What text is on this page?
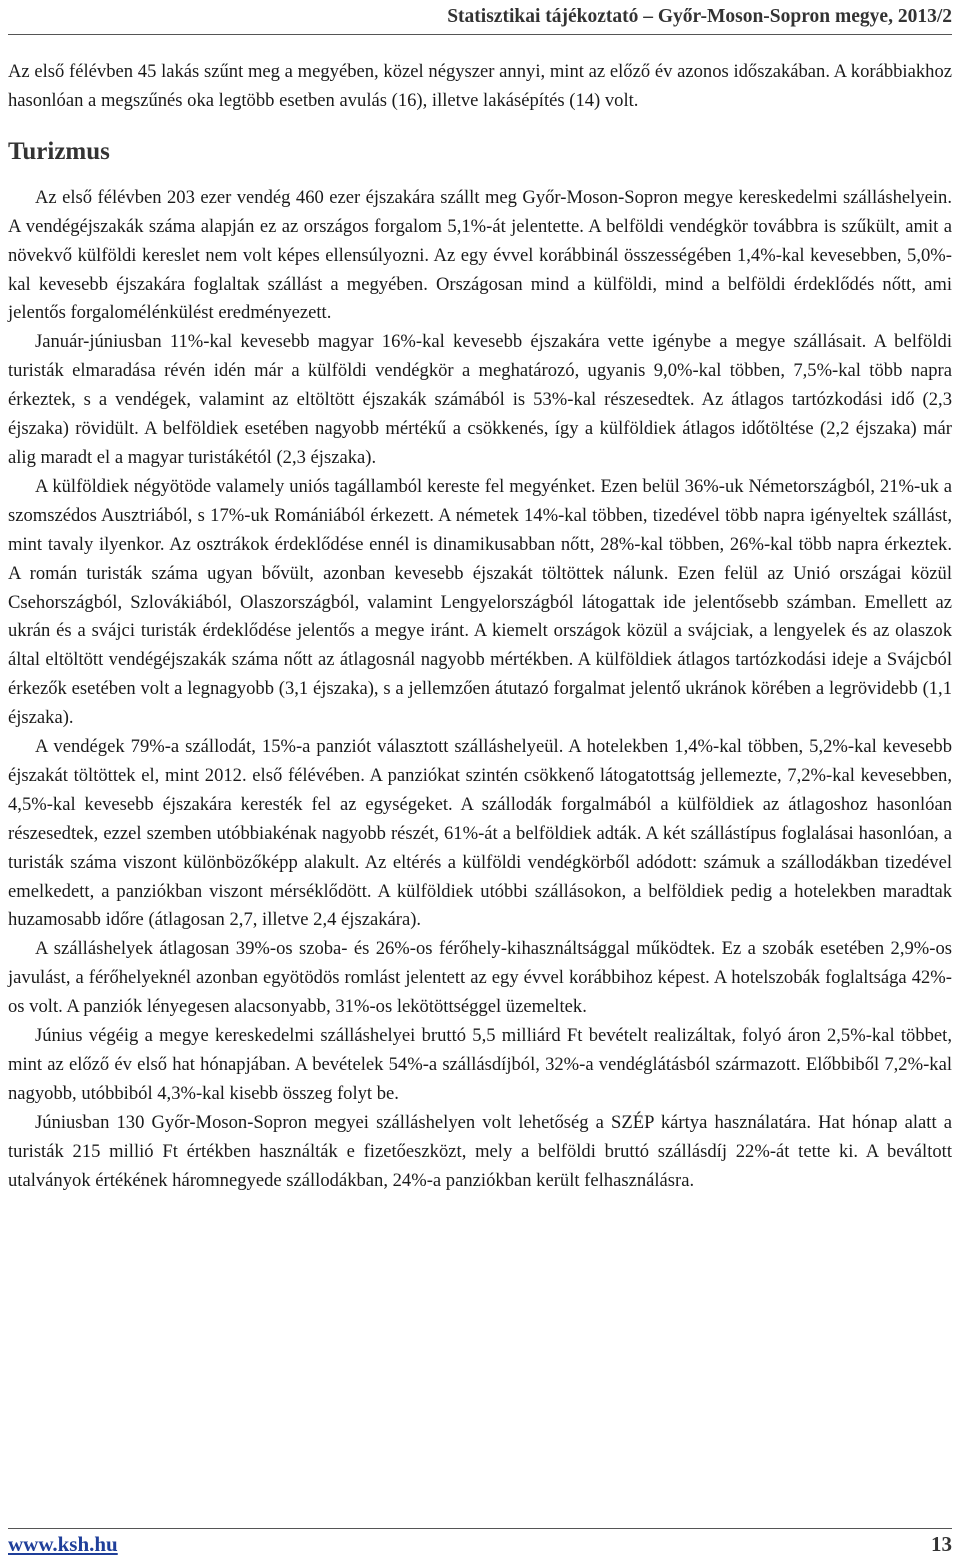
Statisztikai tájékoztató – Győr-Moson-Sopron megye, 2013/2

Az első félévben 45 lakás szűnt meg a megyében, közel négyszer annyi, mint az előző év azonos időszakában. A korábbiakhoz hasonlóan a megszűnés oka legtöbb esetben avulás (16), illetve lakásépítés (14) volt.

Turizmus

Az első félévben 203 ezer vendég 460 ezer éjszakára szállt meg Győr-Moson-Sopron megye kereskedelmi szálláshelyein. A vendégéjszakák száma alapján ez az országos forgalom 5,1%-át jelentette. A belföldi vendégkör továbbra is szűkült, amit a növekvő külföldi kereslet nem volt képes ellensúlyozni. Az egy évvel korábbinál összességében 1,4%-kal kevesebben, 5,0%-kal kevesebb éjszakára foglaltak szállást a megyében. Országosan mind a külföldi, mind a belföldi érdeklődés nőtt, ami jelentős forgalomélénkülést eredményezett.

Január-júniusban 11%-kal kevesebb magyar 16%-kal kevesebb éjszakára vette igénybe a megye szállásait. A belföldi turisták elmaradása révén idén már a külföldi vendégkör a meghatározó, ugyanis 9,0%-kal többen, 7,5%-kal több napra érkeztek, s a vendégek, valamint az eltöltött éjszakák számából is 53%-kal részesedtek. Az átlagos tartózkodási idő (2,3 éjszaka) rövidült. A belföldiek esetében nagyobb mértékű a csökkenés, így a külföldiek átlagos időtöltése (2,2 éjszaka) már alig maradt el a magyar turistákétól (2,3 éjszaka).

A külföldiek négyötöde valamely uniós tagállamból kereste fel megyénket. Ezen belül 36%-uk Németországból, 21%-uk a szomszédos Ausztriából, s 17%-uk Romániából érkezett. A németek 14%-kal többen, tizedével több napra igényeltek szállást, mint tavaly ilyenkor. Az osztrákok érdeklődése ennél is dinamikusabban nőtt, 28%-kal többen, 26%-kal több napra érkeztek. A román turisták száma ugyan bővült, azonban kevesebb éjszakát töltöttek nálunk. Ezen felül az Unió országai közül Csehországból, Szlovákiából, Olaszországból, valamint Lengyelországból látogattak ide jelentősebb számban. Emellett az ukrán és a svájci turisták érdeklődése jelentős a megye iránt. A kiemelt országok közül a svájciak, a lengyelek és az olaszok által eltöltött vendégéjszakák száma nőtt az átlagosnál nagyobb mértékben. A külföldiek átlagos tartózkodási ideje a Svájcból érkezők esetében volt a legnagyobb (3,1 éjszaka), s a jellemzően átutazó forgalmat jelentő ukránok körében a legrövidebb (1,1 éjszaka).

A vendégek 79%-a szállodát, 15%-a panziót választott szálláshelyeül. A hotelekben 1,4%-kal többen, 5,2%-kal kevesebb éjszakát töltöttek el, mint 2012. első félévében. A panziókat szintén csökkenő látogatottság jellemezte, 7,2%-kal kevesebben, 4,5%-kal kevesebb éjszakára keresték fel az egységeket. A szállodák forgalmából a külföldiek az átlagoshoz hasonlóan részesedtek, ezzel szemben utóbbiakénak nagyobb részét, 61%-át a belföldiek adták. A két szállástípus foglalásai hasonlóan, a turisták száma viszont különbözőképp alakult. Az eltérés a külföldi vendégkörből adódott: számuk a szállodákban tizedével emelkedett, a panziókban viszont mérséklődött. A külföldiek utóbbi szállásokon, a belföldiek pedig a hotelekben maradtak huzamosabb időre (átlagosan 2,7, illetve 2,4 éjszakára).

A szálláshelyek átlagosan 39%-os szoba- és 26%-os férőhely-kihasználtsággal működtek. Ez a szobák esetében 2,9%-os javulást, a férőhelyeknél azonban egyötödös romlást jelentett az egy évvel korábbihoz képest. A hotelszobák foglaltsága 42%-os volt. A panziók lényegesen alacsonyabb, 31%-os lekötöttséggel üzemeltek.

Június végéig a megye kereskedelmi szálláshelyei bruttó 5,5 milliárd Ft bevételt realizáltak, folyó áron 2,5%-kal többet, mint az előző év első hat hónapjában. A bevételek 54%-a szállásdíjból, 32%-a vendéglátásból származott. Előbbiből 7,2%-kal nagyobb, utóbbiból 4,3%-kal kisebb összeg folyt be.

Júniusban 130 Győr-Moson-Sopron megyei szálláshelyen volt lehetőség a SZÉP kártya használatára. Hat hónap alatt a turisták 215 millió Ft értékben használták e fizetőeszközt, mely a belföldi bruttó szállásdíj 22%-át tette ki. A beváltott utalványok értékének háromnegyede szállodákban, 24%-a panziókban került felhasználásra.

www.ksh.hu	13
